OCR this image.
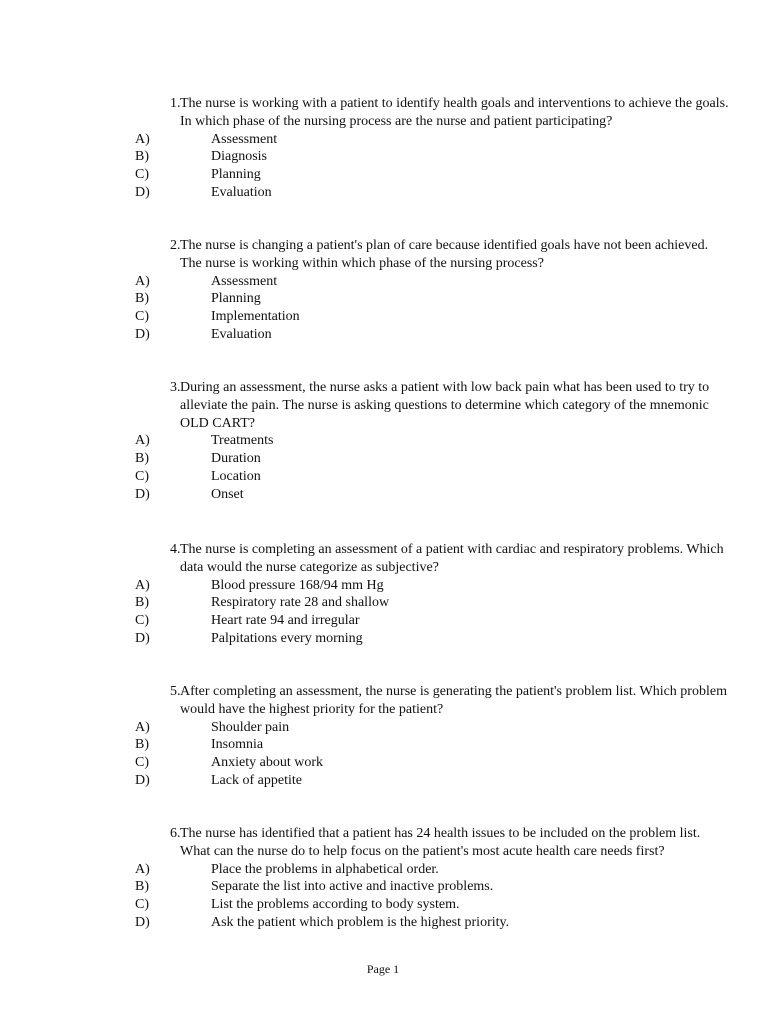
1. The nurse is working with a patient to identify health goals and interventions to achieve the goals. In which phase of the nursing process are the nurse and patient participating?
A)	Assessment
B)	Diagnosis
C)	Planning
D)	Evaluation
2. The nurse is changing a patient's plan of care because identified goals have not been achieved. The nurse is working within which phase of the nursing process?
A)	Assessment
B)	Planning
C)	Implementation
D)	Evaluation
3. During an assessment, the nurse asks a patient with low back pain what has been used to try to alleviate the pain. The nurse is asking questions to determine which category of the mnemonic OLD CART?
A)	Treatments
B)	Duration
C)	Location
D)	Onset
4. The nurse is completing an assessment of a patient with cardiac and respiratory problems. Which data would the nurse categorize as subjective?
A)	Blood pressure 168/94 mm Hg
B)	Respiratory rate 28 and shallow
C)	Heart rate 94 and irregular
D)	Palpitations every morning
5. After completing an assessment, the nurse is generating the patient's problem list. Which problem would have the highest priority for the patient?
A)	Shoulder pain
B)	Insomnia
C)	Anxiety about work
D)	Lack of appetite
6. The nurse has identified that a patient has 24 health issues to be included on the problem list. What can the nurse do to help focus on the patient's most acute health care needs first?
A)	Place the problems in alphabetical order.
B)	Separate the list into active and inactive problems.
C)	List the problems according to body system.
D)	Ask the patient which problem is the highest priority.
Page 1
